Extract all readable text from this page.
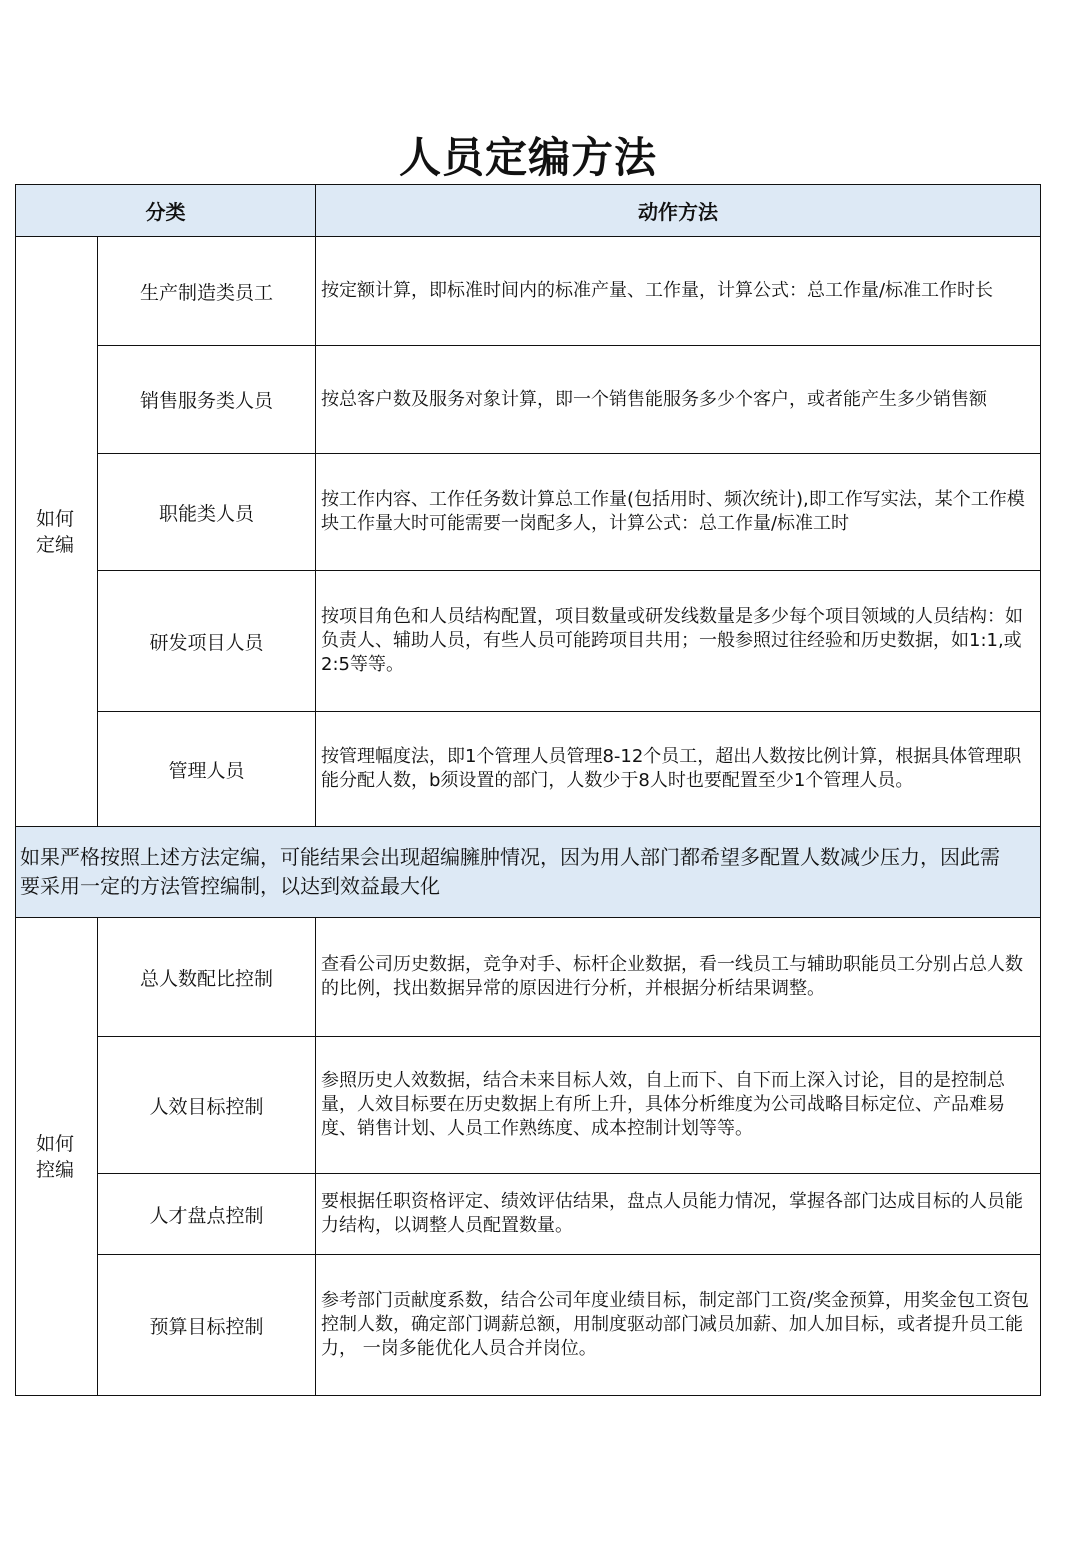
人员定编方法
分类		动作方法

如何
定编	生产制造类员工	按定额计算，即标准时间内的标准产量、工作量，计算公式：总工作量/标准工作时长
	销售服务类人员	按总客户数及服务对象计算，即一个销售能服务多少个客户，或者能产生多少销售额
	职能类人员	按工作内容、工作任务数计算总工作量(包括用时、频次统计),即工作写实法，某个工作模块工作量大时可能需要一岗配多人，计算公式：总工作量/标准工时
	研发项目人员	按项目角色和人员结构配置，项目数量或研发线数量是多少每个项目领域的人员结构：如负责人、辅助人员，有些人员可能跨项目共用；一般参照过往经验和历史数据，如1:1,或2:5等等。
	管理人员	按管理幅度法，即1个管理人员管理8-12个员工，超出人数按比例计算，根据具体管理职能分配人数，b须设置的部门，人数少于8人时也要配置至少1个管理人员。
如果严格按照上述方法定编，可能结果会出现超编臃肿情况，因为用人部门都希望多配置人数减少压力，因此需要采用一定的方法管控编制，以达到效益最大化		

如何
控编	总人数配比控制	查看公司历史数据，竞争对手、标杆企业数据，看一线员工与辅助职能员工分别占总人数的比例，找出数据异常的原因进行分析，并根据分析结果调整。
	人效目标控制	参照历史人效数据，结合未来目标人效，自上而下、自下而上深入讨论，目的是控制总量，人效目标要在历史数据上有所上升，具体分析维度为公司战略目标定位、产品难易度、销售计划、人员工作熟练度、成本控制计划等等。
	人才盘点控制	要根据任职资格评定、绩效评估结果，盘点人员能力情况，掌握各部门达成目标的人员能力结构，以调整人员配置数量。
	预算目标控制	参考部门贡献度系数，结合公司年度业绩目标，制定部门工资/奖金预算，用奖金包工资包控制人数，确定部门调薪总额，用制度驱动部门减员加薪、加人加目标，或者提升员工能力， 一岗多能优化人员合并岗位。
